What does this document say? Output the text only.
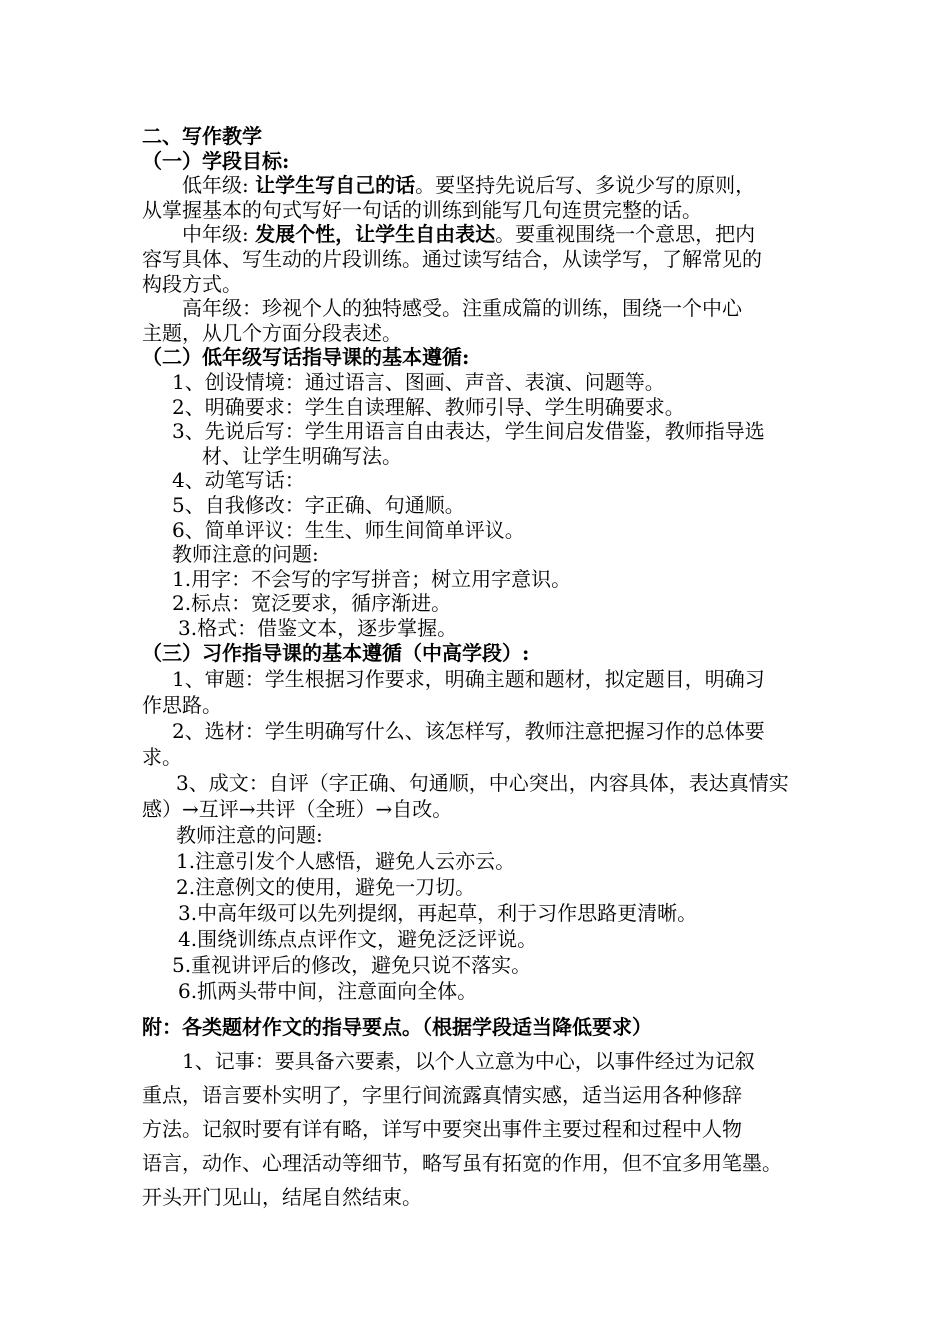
二、写作教学
（一）学段目标:
低年级: 让学生写自己的话。要坚持先说后写、多说少写的原则，
从掌握基本的句式写好一句话的训练到能写几句连贯完整的话。
中年级: 发展个性，让学生自由表达。要重视围绕一个意思，把内
容写具体、写生动的片段训练。通过读写结合，从读学写，了解常见的
构段方式。
高年级：珍视个人的独特感受。注重成篇的训练，围绕一个中心
主题，从几个方面分段表述。
（二）低年级写话指导课的基本遵循:
1、创设情境：通过语言、图画、声音、表演、问题等。
2、明确要求：学生自读理解、教师引导、学生明确要求。
3、先说后写：学生用语言自由表达，学生间启发借鉴，教师指导选
材、让学生明确写法。
4、动笔写话：
5、自我修改：字正确、句通顺。
6、简单评议：生生、师生间简单评议。
教师注意的问题:
1.用字：不会写的字写拼音；树立用字意识。
2.标点：宽泛要求，循序渐进。
3.格式：借鉴文本，逐步掌握。
（三）习作指导课的基本遵循（中高学段）:
1、审题：学生根据习作要求，明确主题和题材，拟定题目，明确习
作思路。
2、选材：学生明确写什么、该怎样写，教师注意把握习作的总体要
求。
3、成文：自评（字正确、句通顺，中心突出，内容具体，表达真情实
感）→互评→共评（全班）→自改。
教师注意的问题:
1.注意引发个人感悟，避免人云亦云。
2.注意例文的使用，避免一刀切。
3.中高年级可以先列提纲，再起草，利于习作思路更清晰。
4.围绕训练点点评作文，避免泛泛评说。
5.重视讲评后的修改，避免只说不落实。
6.抓两头带中间，注意面向全体。
附：各类题材作文的指导要点。（根据学段适当降低要求）
1、记事：要具备六要素，以个人立意为中心，以事件经过为记叙
重点，语言要朴实明了，字里行间流露真情实感，适当运用各种修辞
方法。记叙时要有详有略，详写中要突出事件主要过程和过程中人物
语言，动作、心理活动等细节，略写虽有拓宽的作用，但不宜多用笔墨。
开头开门见山，结尾自然结束。
